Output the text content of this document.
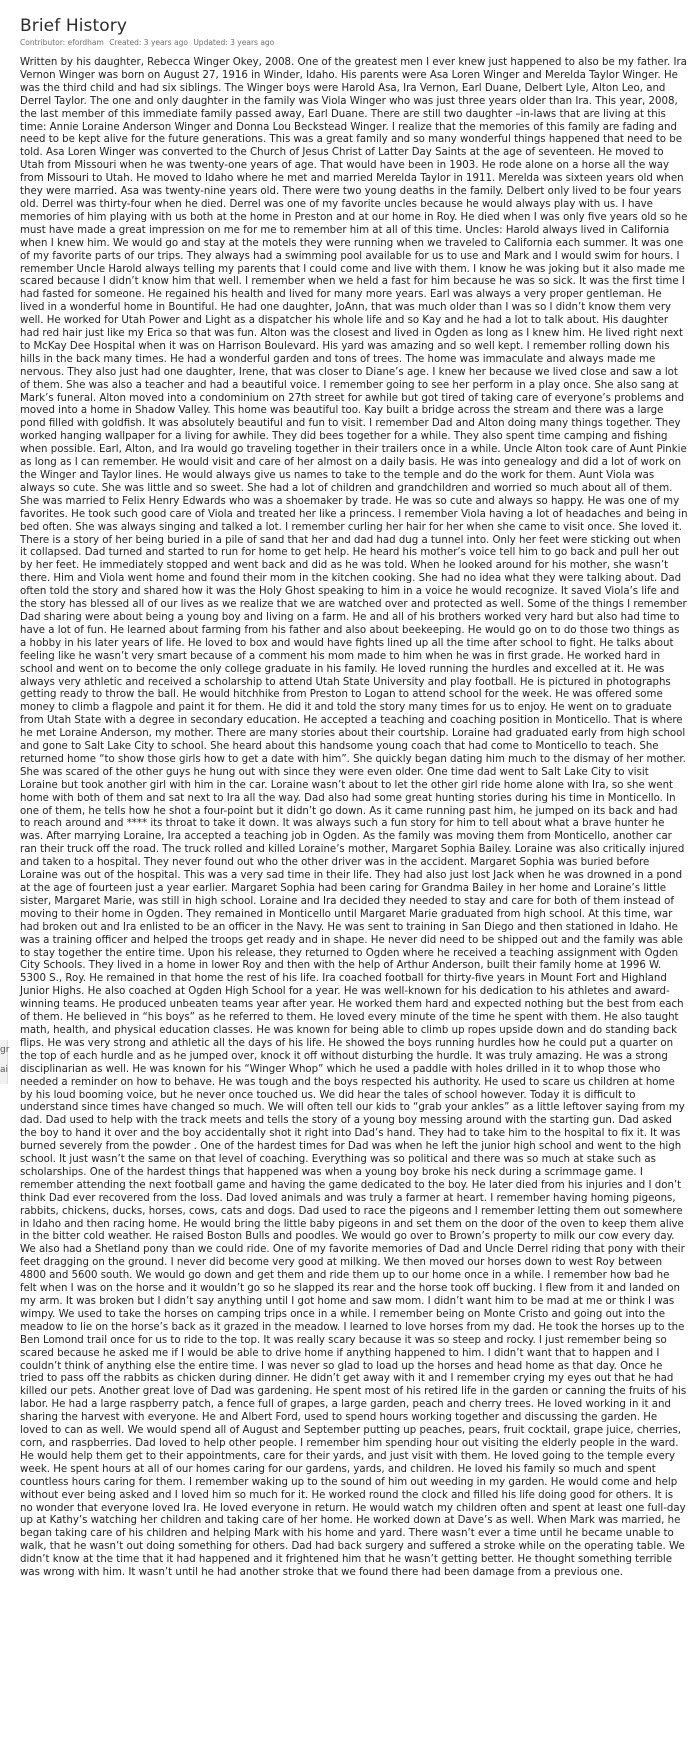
Brief History
Contributor: efordham Created: 3 years ago Updated: 3 years ago

Written by his daughter, Rebecca Winger Okey, 2008. One of the greatest men I ever knew just happened to also be my father. Ira Vernon Winger was born on August 27, 1916 in Winder, Idaho. His parents were Asa Loren Winger and Merelda Taylor Winger. He was the third child and had six siblings. The Winger boys were Harold Asa, Ira Vernon, Earl Duane, Delbert Lyle, Alton Leo, and Derrel Taylor. The one and only daughter in the family was Viola Winger who was just three years older than Ira. This year, 2008, the last member of this immediate family passed away, Earl Duane. There are still two daughter –in-laws that are living at this time: Annie Loraine Anderson Winger and Donna Lou Beckstead Winger. I realize that the memories of this family are fading and need to be kept alive for the future generations. This was a great family and so many wonderful things happened that need to be told. Asa Loren Winger was converted to the Church of Jesus Christ of Latter Day Saints at the age of seventeen. He moved to Utah from Missouri when he was twenty-one years of age. That would have been in 1903. He rode alone on a horse all the way from Missouri to Utah. He moved to Idaho where he met and married Merelda Taylor in 1911. Merelda was sixteen years old when they were married. Asa was twenty-nine years old. There were two young deaths in the family. Delbert only lived to be four years old. Derrel was thirty-four when he died. Derrel was one of my favorite uncles because he would always play with us. I have memories of him playing with us both at the home in Preston and at our home in Roy. He died when I was only five years old so he must have made a great impression on me for me to remember him at all of this time. Uncles: Harold always lived in California when I knew him. We would go and stay at the motels they were running when we traveled to California each summer. It was one of my favorite parts of our trips. They always had a swimming pool available for us to use and Mark and I would swim for hours. I remember Uncle Harold always telling my parents that I could come and live with them. I know he was joking but it also made me scared because I didn’t know him that well. I remember when we held a fast for him because he was so sick. It was the first time I had fasted for someone. He regained his health and lived for many more years. Earl was always a very proper gentleman. He lived in a wonderful home in Bountiful. He had one daughter, JoAnn, that was much older than I was so I didn’t know them very well. He worked for Utah Power and Light as a dispatcher his whole life and so Kay and he had a lot to talk about. His daughter had red hair just like my Erica so that was fun. Alton was the closest and lived in Ogden as long as I knew him. He lived right next to McKay Dee Hospital when it was on Harrison Boulevard. His yard was amazing and so well kept. I remember rolling down his hills in the back many times. He had a wonderful garden and tons of trees. The home was immaculate and always made me nervous. They also just had one daughter, Irene, that was closer to Diane’s age. I knew her because we lived close and saw a lot of them. She was also a teacher and had a beautiful voice. I remember going to see her perform in a play once. She also sang at Mark’s funeral. Alton moved into a condominium on 27th street for awhile but got tired of taking care of everyone’s problems and moved into a home in Shadow Valley. This home was beautiful too. Kay built a bridge across the stream and there was a large pond filled with goldfish. It was absolutely beautiful and fun to visit. I remember Dad and Alton doing many things together. They worked hanging wallpaper for a living for awhile. They did bees together for a while. They also spent time camping and fishing when possible. Earl, Alton, and Ira would go traveling together in their trailers once in a while. Uncle Alton took care of Aunt Pinkie as long as I can remember. He would visit and care of her almost on a daily basis. He was into genealogy and did a lot of work on the Winger and Taylor lines. He would always give us names to take to the temple and do the work for them. Aunt Viola was always so cute. She was little and so sweet. She had a lot of children and grandchildren and worried so much about all of them. She was married to Felix Henry Edwards who was a shoemaker by trade. He was so cute and always so happy. He was one of my favorites. He took such good care of Viola and treated her like a princess. I remember Viola having a lot of headaches and being in bed often. She was always singing and talked a lot. I remember curling her hair for her when she came to visit once. She loved it. There is a story of her being buried in a pile of sand that her and dad had dug a tunnel into. Only her feet were sticking out when it collapsed. Dad turned and started to run for home to get help. He heard his mother’s voice tell him to go back and pull her out by her feet. He immediately stopped and went back and did as he was told. When he looked around for his mother, she wasn’t there. Him and Viola went home and found their mom in the kitchen cooking. She had no idea what they were talking about. Dad often told the story and shared how it was the Holy Ghost speaking to him in a voice he would recognize. It saved Viola’s life and the story has blessed all of our lives as we realize that we are watched over and protected as well. Some of the things I remember Dad sharing were about being a young boy and living on a farm. He and all of his brothers worked very hard but also had time to have a lot of fun. He learned about farming from his father and also about beekeeping. He would go on to do those two things as a hobby in his later years of life. He loved to box and would have fights lined up all the time after school to fight. He talks about feeling like he wasn’t very smart because of a comment his mom made to him when he was in first grade. He worked hard in school and went on to become the only college graduate in his family. He loved running the hurdles and excelled at it. He was always very athletic and received a scholarship to attend Utah State University and play football. He is pictured in photographs getting ready to throw the ball. He would hitchhike from Preston to Logan to attend school for the week. He was offered some money to climb a flagpole and paint it for them. He did it and told the story many times for us to enjoy. He went on to graduate from Utah State with a degree in secondary education. He accepted a teaching and coaching position in Monticello. That is where he met Loraine Anderson, my mother. There are many stories about their courtship. Loraine had graduated early from high school and gone to Salt Lake City to school. She heard about this handsome young coach that had come to Monticello to teach. She returned home “to show those girls how to get a date with him”. She quickly began dating him much to the dismay of her mother. She was scared of the other guys he hung out with since they were even older. One time dad went to Salt Lake City to visit Loraine but took another girl with him in the car. Loraine wasn’t about to let the other girl ride home alone with Ira, so she went home with both of them and sat next to Ira all the way. Dad also had some great hunting stories during his time in Monticello. In one of them, he tells how he shot a four-point but it didn’t go down. As it came running past him, he jumped on its back and had to reach around and **** its throat to take it down. It was always such a fun story for him to tell about what a brave hunter he was. After marrying Loraine, Ira accepted a teaching job in Ogden. As the family was moving them from Monticello, another car ran their truck off the road. The truck rolled and killed Loraine’s mother, Margaret Sophia Bailey. Loraine was also critically injured and taken to a hospital. They never found out who the other driver was in the accident. Margaret Sophia was buried before Loraine was out of the hospital. This was a very sad time in their life. They had also just lost Jack when he was drowned in a pond at the age of fourteen just a year earlier. Margaret Sophia had been caring for Grandma Bailey in her home and Loraine’s little sister, Margaret Marie, was still in high school. Loraine and Ira decided they needed to stay and care for both of them instead of moving to their home in Ogden. They remained in Monticello until Margaret Marie graduated from high school. At this time, war had broken out and Ira enlisted to be an officer in the Navy. He was sent to training in San Diego and then stationed in Idaho. He was a training officer and helped the troops get ready and in shape. He never did need to be shipped out and the family was able to stay together the entire time. Upon his release, they returned to Ogden where he received a teaching assignment with Ogden City Schools. They lived in a home in lower Roy and then with the help of Arthur Anderson, built their family home at 1996 W. 5300 S., Roy. He remained in that home the rest of his life. Ira coached football for thirty-five years in Mount Fort and Highland Junior Highs. He also coached at Ogden High School for a year. He was well-known for his dedication to his athletes and award-winning teams. He produced unbeaten teams year after year. He worked them hard and expected nothing but the best from each of them. He believed in “his boys” as he referred to them. He loved every minute of the time he spent with them. He also taught math, health, and physical education classes. He was known for being able to climb up ropes upside down and do standing back flips. He was very strong and athletic all the days of his life. He showed the boys running hurdles how he could put a quarter on the top of each hurdle and as he jumped over, knock it off without disturbing the hurdle. It was truly amazing. He was a strong disciplinarian as well. He was known for his “Winger Whop” which he used a paddle with holes drilled in it to whop those who needed a reminder on how to behave. He was tough and the boys respected his authority. He used to scare us children at home by his loud booming voice, but he never once touched us. We did hear the tales of school however. Today it is difficult to understand since times have changed so much. We will often tell our kids to “grab your ankles” as a little leftover saying from my dad. Dad used to help with the track meets and tells the story of a young boy messing around with the starting gun. Dad asked the boy to hand it over and the boy accidentally shot it right into Dad’s hand. They had to take him to the hospital to fix it. It was burned severely from the powder . One of the hardest times for Dad was when he left the junior high school and went to the high school. It just wasn’t the same on that level of coaching. Everything was so political and there was so much at stake such as scholarships. One of the hardest things that happened was when a young boy broke his neck during a scrimmage game. I remember attending the next football game and having the game dedicated to the boy. He later died from his injuries and I don’t think Dad ever recovered from the loss. Dad loved animals and was truly a farmer at heart. I remember having homing pigeons, rabbits, chickens, ducks, horses, cows, cats and dogs. Dad used to race the pigeons and I remember letting them out somewhere in Idaho and then racing home. He would bring the little baby pigeons in and set them on the door of the oven to keep them alive in the bitter cold weather. He raised Boston Bulls and poodles. We would go over to Brown’s property to milk our cow every day. We also had a Shetland pony than we could ride. One of my favorite memories of Dad and Uncle Derrel riding that pony with their feet dragging on the ground. I never did become very good at milking. We then moved our horses down to west Roy between 4800 and 5600 south. We would go down and get them and ride them up to our home once in a while. I remember how bad he felt when I was on the horse and it wouldn’t go so he slapped its rear and the horse took off bucking. I flew from it and landed on my arm. It was broken but I didn’t say anything until I got home and saw mom. I didn’t want him to be mad at me or think I was wimpy. We used to take the horses on camping trips once in a while. I remember being on Monte Cristo and going out into the meadow to lie on the horse’s back as it grazed in the meadow. I learned to love horses from my dad. He took the horses up to the Ben Lomond trail once for us to ride to the top. It was really scary because it was so steep and rocky. I just remember being so scared because he asked me if I would be able to drive home if anything happened to him. I didn’t want that to happen and I couldn’t think of anything else the entire time. I was never so glad to load up the horses and head home as that day. Once he tried to pass off the rabbits as chicken during dinner. He didn’t get away with it and I remember crying my eyes out that he had killed our pets. Another great love of Dad was gardening. He spent most of his retired life in the garden or canning the fruits of his labor. He had a large raspberry patch, a fence full of grapes, a large garden, peach and cherry trees. He loved working in it and sharing the harvest with everyone. He and Albert Ford, used to spend hours working together and discussing the garden. He loved to can as well. We would spend all of August and September putting up peaches, pears, fruit cocktail, grape juice, cherries, corn, and raspberries. Dad loved to help other people. I remember him spending hour out visiting the elderly people in the ward. He would help them get to their appointments, care for their yards, and just visit with them. He loved going to the temple every week. He spent hours at all of our homes caring for our gardens, yards, and children. He loved his family so much and spent countless hours caring for them. I remember waking up to the sound of him out weeding in my garden. He would come and help without ever being asked and I loved him so much for it. He worked round the clock and filled his life doing good for others. It is no wonder that everyone loved Ira. He loved everyone in return. He would watch my children often and spent at least one full-day up at Kathy’s watching her children and taking care of her home. He worked down at Dave’s as well. When Mark was married, he began taking care of his children and helping Mark with his home and yard. There wasn’t ever a time until he became unable to walk, that he wasn’t out doing something for others. Dad had back surgery and suffered a stroke while on the operating table. We didn’t know at the time that it had happened and it frightened him that he wasn’t getting better. He thought something terrible was wrong with him. It wasn’t until he had another stroke that we found there had been damage from a previous one.

gr
ai
